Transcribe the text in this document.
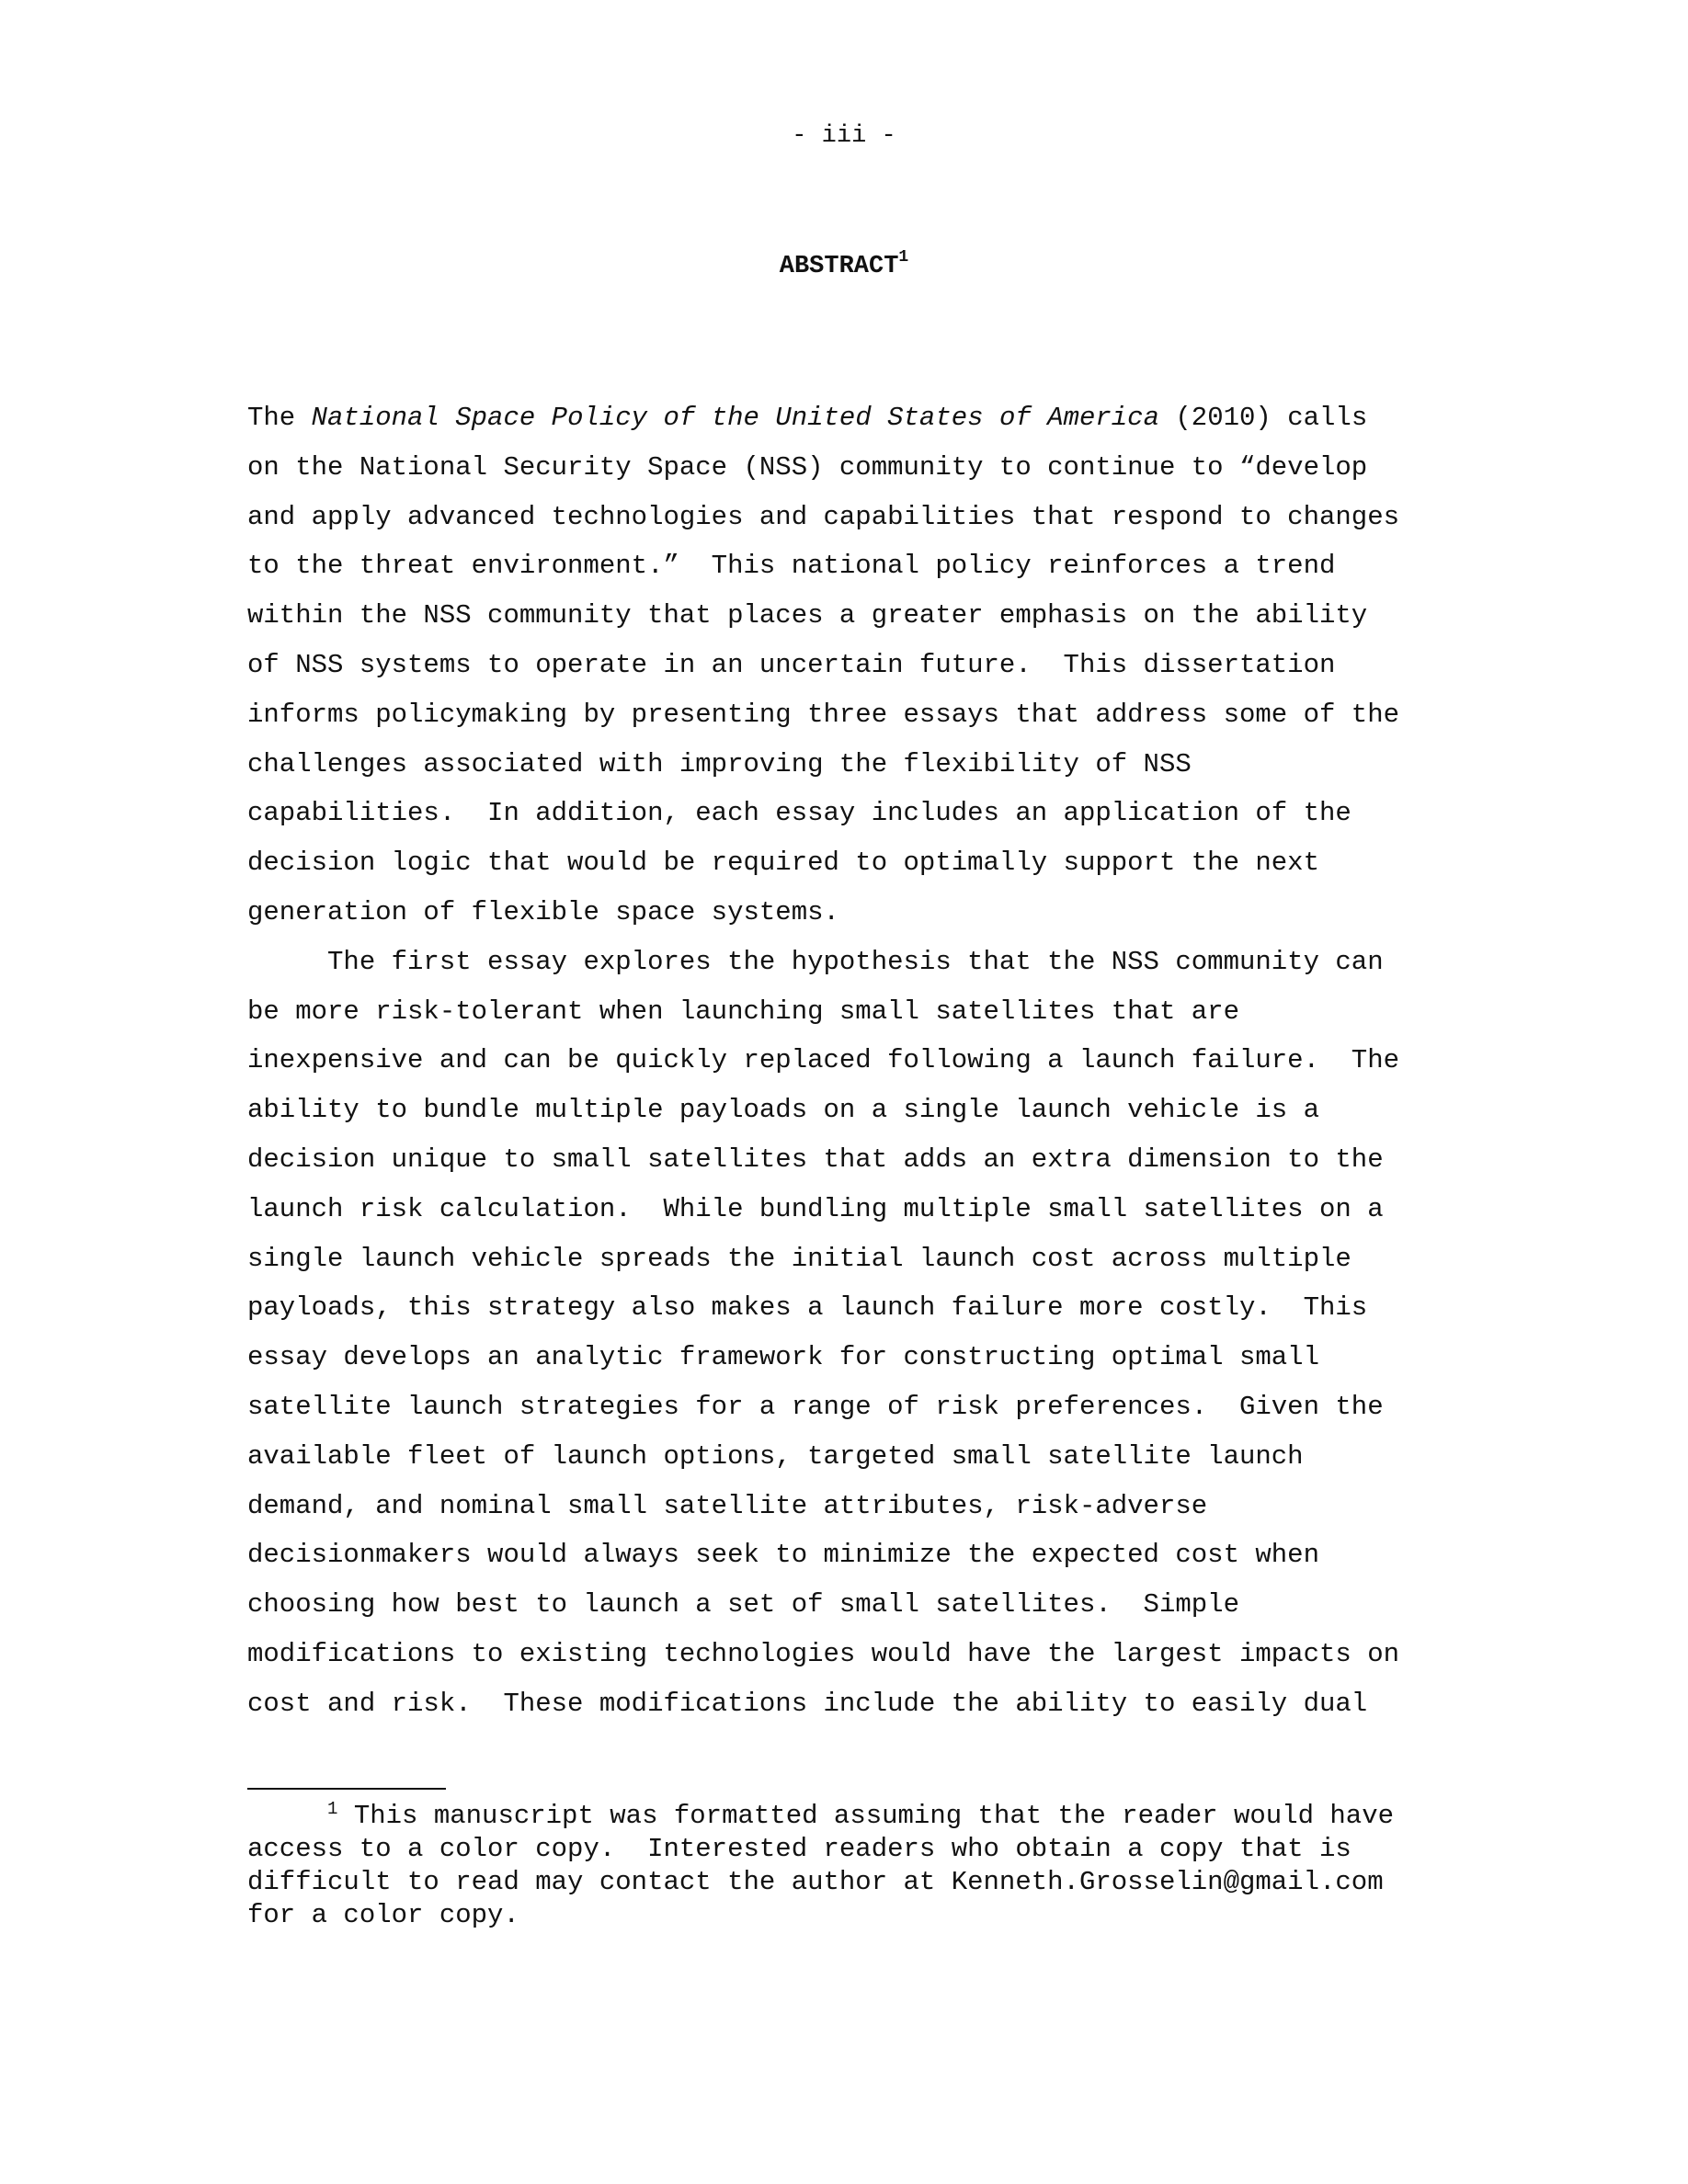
- iii -
ABSTRACT$^1$
The National Space Policy of the United States of America (2010) calls
on the National Security Space (NSS) community to continue to “develop
and apply advanced technologies and capabilities that respond to changes
to the threat environment.”  This national policy reinforces a trend
within the NSS community that places a greater emphasis on the ability
of NSS systems to operate in an uncertain future.  This dissertation
informs policymaking by presenting three essays that address some of the
challenges associated with improving the flexibility of NSS
capabilities.  In addition, each essay includes an application of the
decision logic that would be required to optimally support the next
generation of flexible space systems.
The first essay explores the hypothesis that the NSS community can
be more risk-tolerant when launching small satellites that are
inexpensive and can be quickly replaced following a launch failure.  The
ability to bundle multiple payloads on a single launch vehicle is a
decision unique to small satellites that adds an extra dimension to the
launch risk calculation.  While bundling multiple small satellites on a
single launch vehicle spreads the initial launch cost across multiple
payloads, this strategy also makes a launch failure more costly.  This
essay develops an analytic framework for constructing optimal small
satellite launch strategies for a range of risk preferences.  Given the
available fleet of launch options, targeted small satellite launch
demand, and nominal small satellite attributes, risk-adverse
decisionmakers would always seek to minimize the expected cost when
choosing how best to launch a set of small satellites.  Simple
modifications to existing technologies would have the largest impacts on
cost and risk.  These modifications include the ability to easily dual
$^1$ This manuscript was formatted assuming that the reader would have
access to a color copy.  Interested readers who obtain a copy that is
difficult to read may contact the author at Kenneth.Grosselin@gmail.com
for a color copy.
